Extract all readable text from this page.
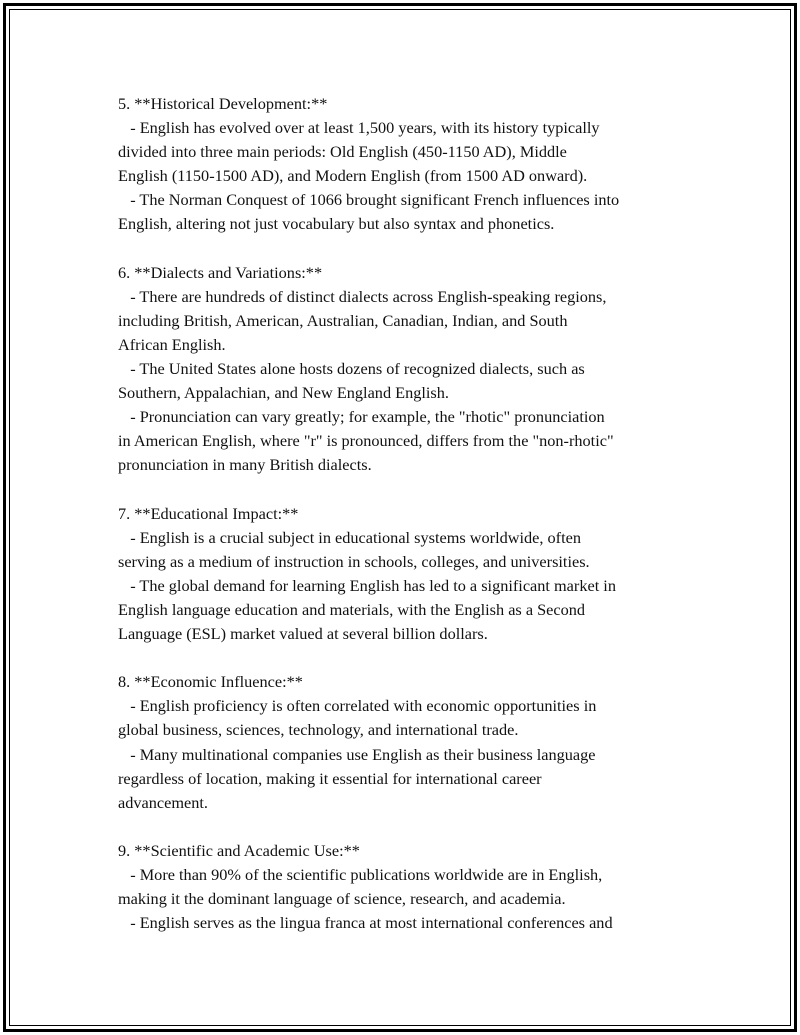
5. **Historical Development:**
- English has evolved over at least 1,500 years, with its history typically
divided into three main periods: Old English (450-1150 AD), Middle
English (1150-1500 AD), and Modern English (from 1500 AD onward).
- The Norman Conquest of 1066 brought significant French influences into
English, altering not just vocabulary but also syntax and phonetics.
6. **Dialects and Variations:**
- There are hundreds of distinct dialects across English-speaking regions,
including British, American, Australian, Canadian, Indian, and South
African English.
- The United States alone hosts dozens of recognized dialects, such as
Southern, Appalachian, and New England English.
- Pronunciation can vary greatly; for example, the "rhotic" pronunciation
in American English, where "r" is pronounced, differs from the "non-rhotic"
pronunciation in many British dialects.
7. **Educational Impact:**
- English is a crucial subject in educational systems worldwide, often
serving as a medium of instruction in schools, colleges, and universities.
- The global demand for learning English has led to a significant market in
English language education and materials, with the English as a Second
Language (ESL) market valued at several billion dollars.
8. **Economic Influence:**
- English proficiency is often correlated with economic opportunities in
global business, sciences, technology, and international trade.
- Many multinational companies use English as their business language
regardless of location, making it essential for international career
advancement.
9. **Scientific and Academic Use:**
- More than 90% of the scientific publications worldwide are in English,
making it the dominant language of science, research, and academia.
- English serves as the lingua franca at most international conferences and
